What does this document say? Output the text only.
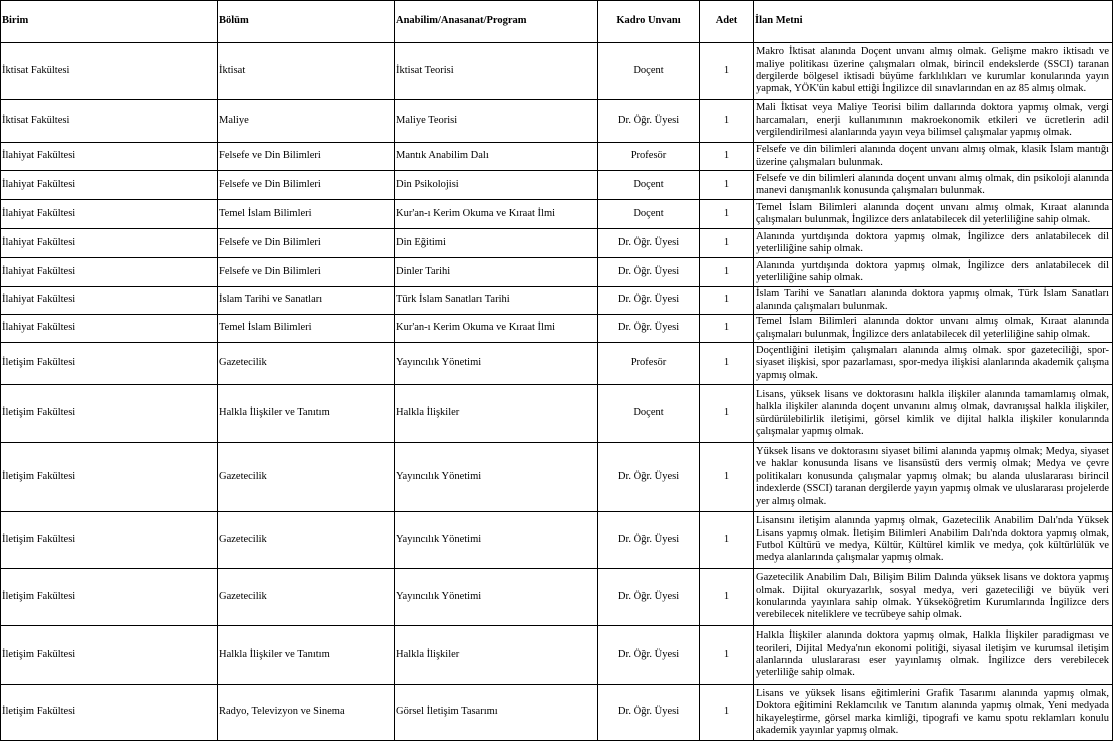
Birim	Bölüm	Anabilim/Anasanat/Program	Kadro Unvanı	Adet	İlan Metni
İktisat Fakültesi	İktisat	İktisat Teorisi	Doçent	1	Makro İktisat alanında Doçent unvanı almış olmak. Gelişme makro iktisadı ve maliye politikası üzerine çalışmaları olmak, birincil endekslerde (SSCI) taranan dergilerde bölgesel iktisadi büyüme farklılıkları ve kurumlar konularında yayın yapmak, YÖK'ün kabul ettiği İngilizce dil sınavlarından en az 85 almış olmak.
İktisat Fakültesi	Maliye	Maliye Teorisi	Dr. Öğr. Üyesi	1	Mali İktisat veya Maliye Teorisi bilim dallarında doktora yapmış olmak, vergi harcamaları, enerji kullanımının makroekonomik etkileri ve ücretlerin adil vergilendirilmesi alanlarında yayın veya bilimsel çalışmalar yapmış olmak.
İlahiyat Fakültesi	Felsefe ve Din Bilimleri	Mantık Anabilim Dalı	Profesör	1	Felsefe ve din bilimleri alanında doçent unvanı almış olmak, klasik İslam mantığı üzerine çalışmaları bulunmak.
İlahiyat Fakültesi	Felsefe ve Din Bilimleri	Din Psikolojisi	Doçent	1	Felsefe ve din bilimleri alanında doçent unvanı almış olmak, din psikoloji alanında manevi danışmanlık konusunda çalışmaları bulunmak.
İlahiyat Fakültesi	Temel İslam Bilimleri	Kur'an-ı Kerim Okuma ve Kıraat İlmi	Doçent	1	Temel İslam Bilimleri alanında doçent unvanı almış olmak, Kıraat alanında çalışmaları bulunmak, İngilizce ders anlatabilecek dil yeterliliğine sahip olmak.
İlahiyat Fakültesi	Felsefe ve Din Bilimleri	Din Eğitimi	Dr. Öğr. Üyesi	1	Alanında yurtdışında doktora yapmış olmak, İngilizce ders anlatabilecek dil yeterliliğine sahip olmak.
İlahiyat Fakültesi	Felsefe ve Din Bilimleri	Dinler Tarihi	Dr. Öğr. Üyesi	1	Alanında yurtdışında doktora yapmış olmak, İngilizce ders anlatabilecek dil yeterliliğine sahip olmak.
İlahiyat Fakültesi	İslam Tarihi ve Sanatları	Türk İslam Sanatları Tarihi	Dr. Öğr. Üyesi	1	İslam Tarihi ve Sanatları alanında doktora yapmış olmak, Türk İslam Sanatları alanında çalışmaları bulunmak.
İlahiyat Fakültesi	Temel İslam Bilimleri	Kur'an-ı Kerim Okuma ve Kıraat İlmi	Dr. Öğr. Üyesi	1	Temel İslam Bilimleri alanında doktor unvanı almış olmak, Kıraat alanında çalışmaları bulunmak, İngilizce ders anlatabilecek dil yeterliliğine sahip olmak.
İletişim Fakültesi	Gazetecilik	Yayıncılık Yönetimi	Profesör	1	Doçentliğini iletişim çalışmaları alanında almış olmak. spor gazeteciliği, spor-siyaset ilişkisi, spor pazarlaması, spor-medya ilişkisi alanlarında akademik çalışma yapmış olmak.
İletişim Fakültesi	Halkla İlişkiler ve Tanıtım	Halkla İlişkiler	Doçent	1	Lisans, yüksek lisans ve doktorasını halkla ilişkiler alanında tamamlamış olmak, halkla ilişkiler alanında doçent unvanını almış olmak, davranışsal halkla ilişkiler, sürdürülebilirlik iletişimi, görsel kimlik ve dijital halkla ilişkiler konularında çalışmalar yapmış olmak.
İletişim Fakültesi	Gazetecilik	Yayıncılık Yönetimi	Dr. Öğr. Üyesi	1	Yüksek lisans ve doktorasını siyaset bilimi alanında yapmış olmak; Medya, siyaset ve haklar konusunda lisans ve lisansüstü ders vermiş olmak; Medya ve çevre politikaları konusunda çalışmalar yapmış olmak; bu alanda uluslararası birincil indexlerde (SSCI) taranan dergilerde yayın yapmış olmak ve uluslararası projelerde yer almış olmak.
İletişim Fakültesi	Gazetecilik	Yayıncılık Yönetimi	Dr. Öğr. Üyesi	1	Lisansını iletişim alanında yapmış olmak, Gazetecilik Anabilim Dalı'nda Yüksek Lisans yapmış olmak. İletişim Bilimleri Anabilim Dalı'nda doktora yapmış olmak, Futbol Kültürü ve medya, Kültür, Kültürel kimlik ve medya, çok kültürlülük ve medya alanlarında çalışmalar yapmış olmak.
İletişim Fakültesi	Gazetecilik	Yayıncılık Yönetimi	Dr. Öğr. Üyesi	1	Gazetecilik Anabilim Dalı, Bilişim Bilim Dalında yüksek lisans ve doktora yapmış olmak. Dijital okuryazarlık, sosyal medya, veri gazeteciliği ve büyük veri konularında yayınlara sahip olmak. Yükseköğretim Kurumlarında İngilizce ders verebilecek niteliklere ve tecrübeye sahip olmak.
İletişim Fakültesi	Halkla İlişkiler ve Tanıtım	Halkla İlişkiler	Dr. Öğr. Üyesi	1	Halkla İlişkiler alanında doktora yapmış olmak, Halkla İlişkiler paradigması ve teorileri, Dijital Medya'nın ekonomi politiği, siyasal iletişim ve kurumsal iletişim alanlarında uluslararası eser yayınlamış olmak. İngilizce ders verebilecek yeterliliğe sahip olmak.
İletişim Fakültesi	Radyo, Televizyon ve Sinema	Görsel İletişim Tasarımı	Dr. Öğr. Üyesi	1	Lisans ve yüksek lisans eğitimlerini Grafik Tasarımı alanında yapmış olmak, Doktora eğitimini Reklamcılık ve Tanıtım alanında yapmış olmak, Yeni medyada hikayeleştirme, görsel marka kimliği, tipografi ve kamu spotu reklamları konulu akademik yayınlar yapmış olmak.
